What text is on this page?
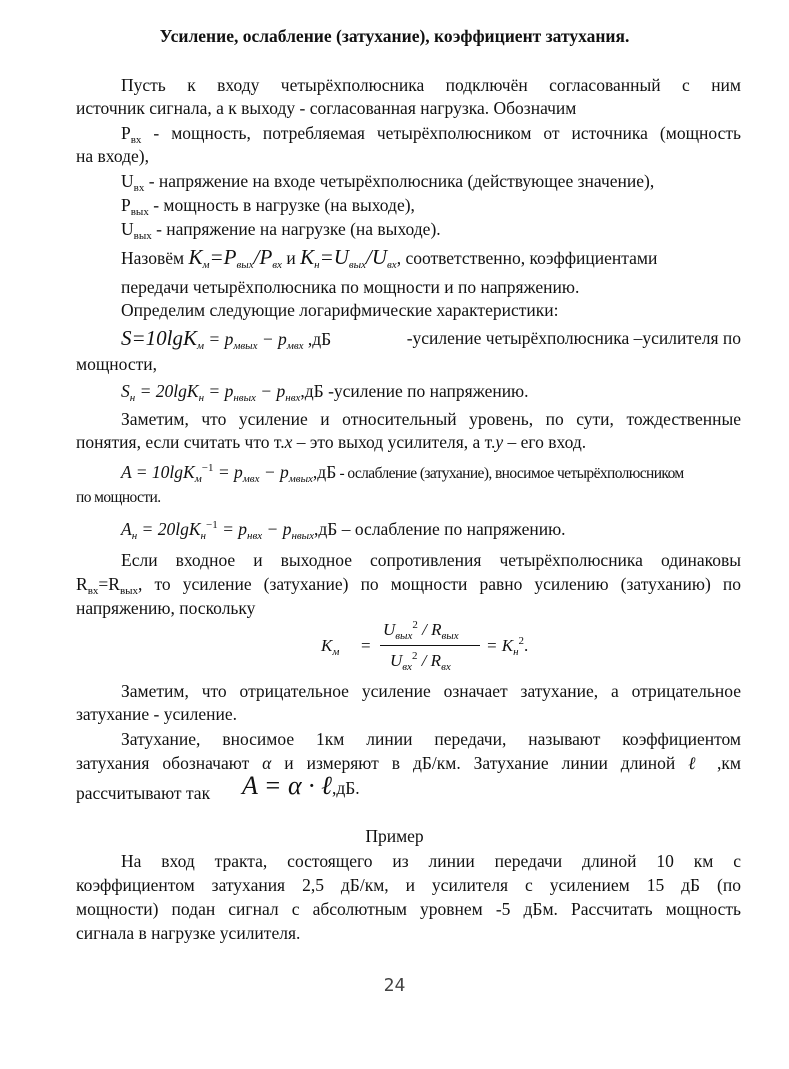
Усиление, ослабление (затухание), коэффициент затухания.
Пусть к входу четырёхполюсника подключён согласованный с ним
источник сигнала, а к выходу - согласованная нагрузка. Обозначим
$P_{вх}$ - мощность, потребляемая четырёхполюсником от источника (мощность
на входе),
$U_{вх}$ - напряжение на входе четырёхполюсника (действующее значение),
$P_{вых}$ - мощность в нагрузке (на выходе),
$U_{вых}$ - напряжение на нагрузке (на выходе).
Назовём $K_м=P_{вых}/P_{вх}$ и $K_н=U_{вых}/U_{вх}$, соответственно, коэффициентами
передачи четырёхполюсника по мощности и по напряжению.
Определим следующие логарифмические характеристики:
$S=10\lg K_м = p_{мвых} - p_{мвх}$ ,дБ	-усиление четырёхполюсника –усилителя по
мощности,
$S_н = 20\lg K_н = p_{нвых} - p_{нвх},дБ$ -усиление по напряжению.
Заметим, что усиление и относительный уровень, по сути, тождественные
понятия, если считать что т.x – это выход усилителя, а т.y – его вход.
$A = 10\lg K_м^{-1} = p_{мвх} - p_{мвых},дБ$ - ослабление (затухание), вносимое четырёхполюсником
по мощности.
$A_н = 20\lg K_н^{-1} = p_{нвх} - p_{нвых},дБ$ – ослабление по напряжению.
Если входное и выходное сопротивления четырёхполюсника одинаковы
$R_{вх}=R_{вых}$, то усиление (затухание) по мощности равно усилению (затуханию) по
напряжению, поскольку
$K_м$ =
$U_{вых}^2 / R_{вых}$
$U_{вх}^2 / R_{вх}$
= $K_н^2$.
Заметим, что отрицательное усиление означает затухание, а отрицательное
затухание - усиление.
Затухание, вносимое 1км линии передачи, называют коэффициентом
затухания обозначают α и измеряют в дБ/км. Затухание линии длиной ℓ ,км
рассчитывают так A = α · ℓ,дБ.
Пример
На вход тракта, состоящего из линии передачи длиной 10 км с
коэффициентом затухания 2,5 дБ/км, и усилителя с усилением 15 дБ (по
мощности) подан сигнал с абсолютным уровнем -5 дБм. Рассчитать мощность
сигнала в нагрузке усилителя.
24
